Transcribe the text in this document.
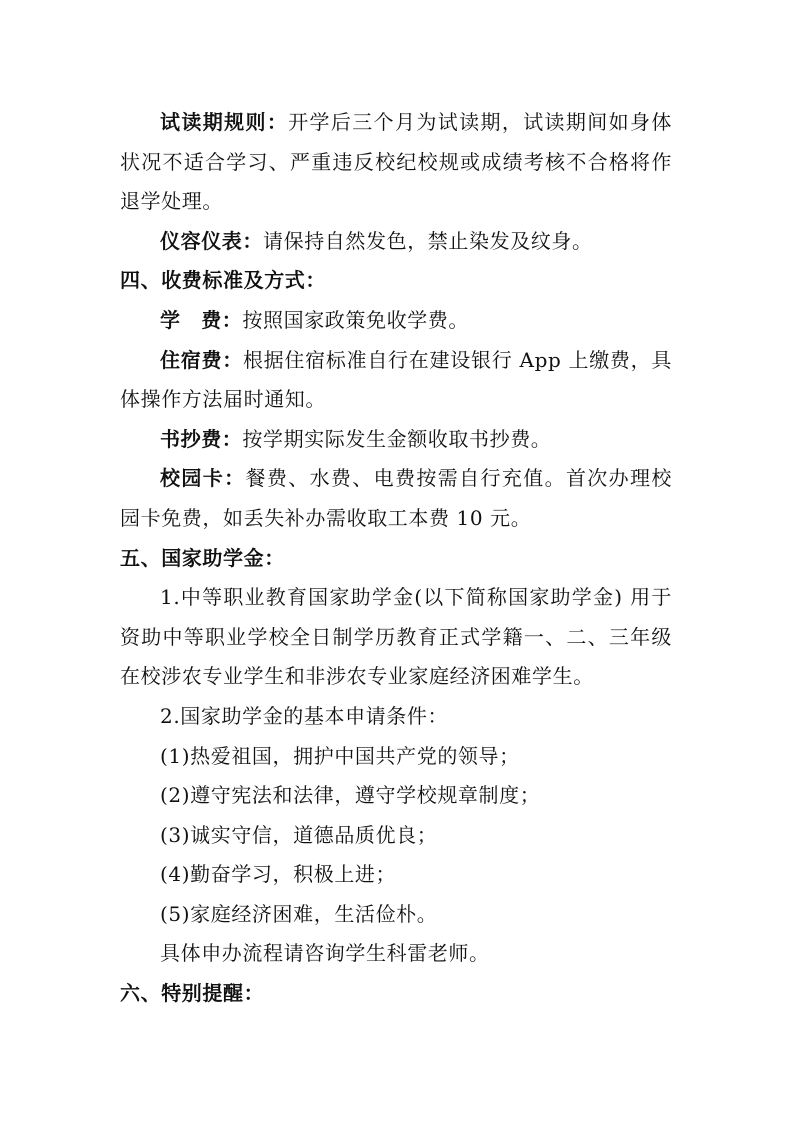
试读期规则：开学后三个月为试读期，试读期间如身体状况不适合学习、严重违反校纪校规或成绩考核不合格将作退学处理。

仪容仪表：请保持自然发色，禁止染发及纹身。

四、收费标准及方式：

学　费：按照国家政策免收学费。

住宿费：根据住宿标准自行在建设银行 App 上缴费，具体操作方法届时通知。

书抄费：按学期实际发生金额收取书抄费。

校园卡：餐费、水费、电费按需自行充值。首次办理校园卡免费，如丢失补办需收取工本费 10 元。

五、国家助学金：

1.中等职业教育国家助学金(以下简称国家助学金) 用于资助中等职业学校全日制学历教育正式学籍一、二、三年级在校涉农专业学生和非涉农专业家庭经济困难学生。

2.国家助学金的基本申请条件：

(1)热爱祖国，拥护中国共产党的领导；

(2)遵守宪法和法律，遵守学校规章制度；

(3)诚实守信，道德品质优良；

(4)勤奋学习，积极上进；

(5)家庭经济困难，生活俭朴。

具体申办流程请咨询学生科雷老师。

六、特别提醒：
